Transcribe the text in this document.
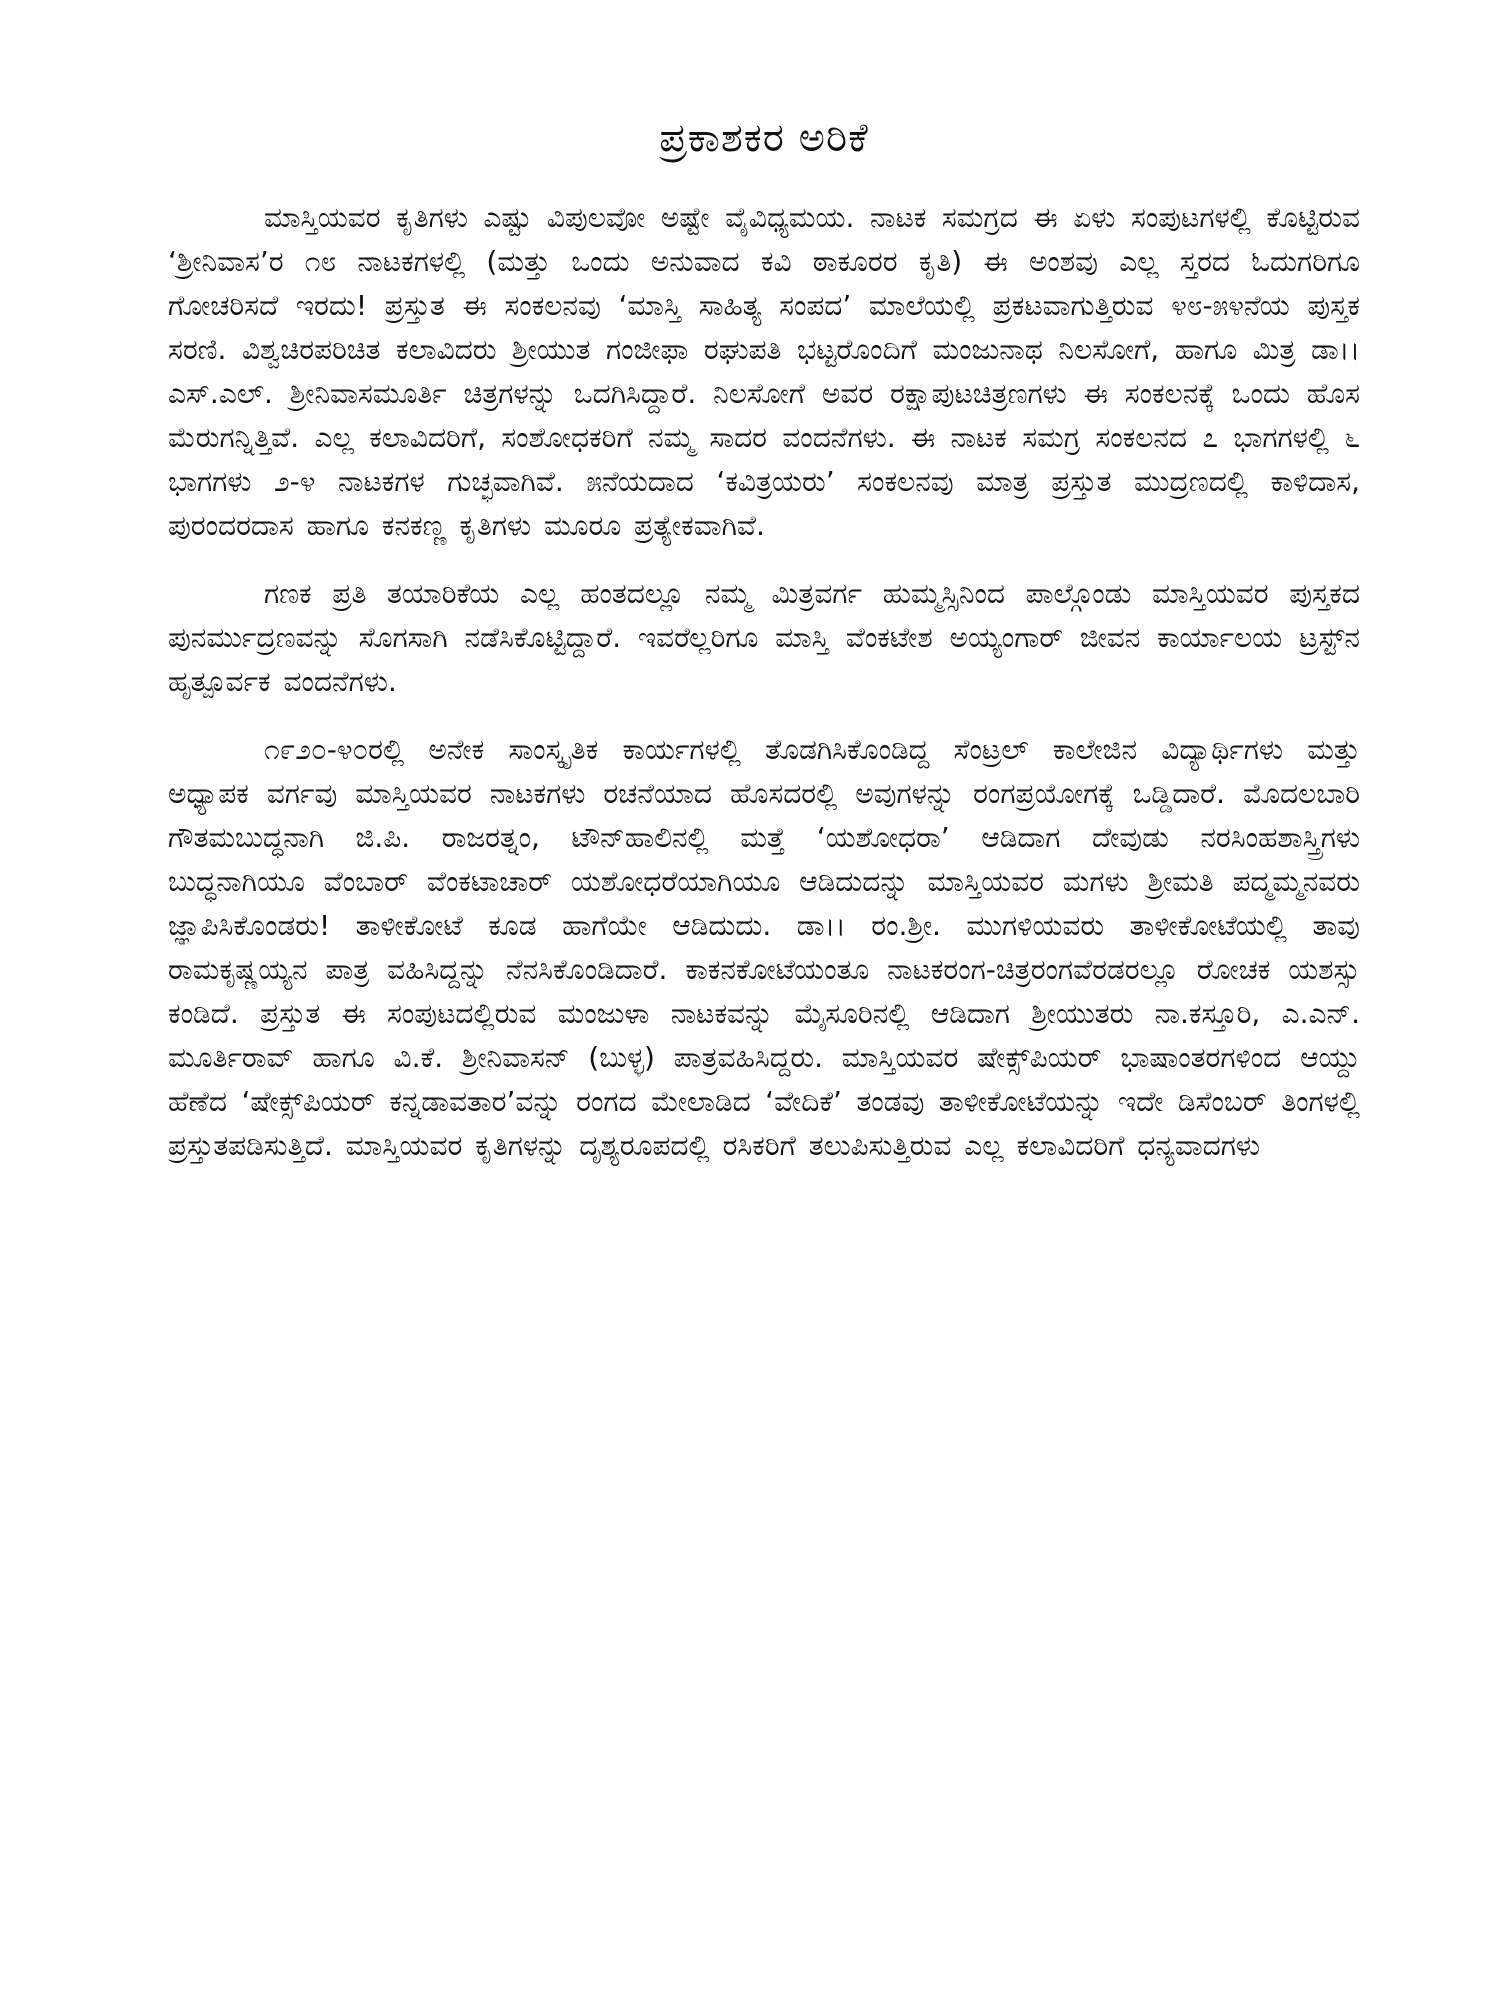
ಪ್ರಕಾಶಕರ ಅರಿಕೆ

ಮಾಸ್ತಿಯವರ ಕೃತಿಗಳು ಎಷ್ಟು ವಿಪುಲವೋ ಅಷ್ಟೇ ವೈವಿಧ್ಯಮಯ. ನಾಟಕ ಸಮಗ್ರದ ಈ ಏಳು ಸಂಪುಟಗಳಲ್ಲಿ ಕೊಟ್ಟಿರುವ ‘ಶ್ರೀನಿವಾಸ’ರ ೧೮ ನಾಟಕಗಳಲ್ಲಿ (ಮತ್ತು ಒಂದು ಅನುವಾದ ಕವಿ ಠಾಕೂರರ ಕೃತಿ) ಈ ಅಂಶವು ಎಲ್ಲ ಸ್ತರದ ಓದುಗರಿಗೂ ಗೋಚರಿಸದೆ ಇರದು! ಪ್ರಸ್ತುತ ಈ ಸಂಕಲನವು ‘ಮಾಸ್ತಿ ಸಾಹಿತ್ಯ ಸಂಪದ’ ಮಾಲೆಯಲ್ಲಿ ಪ್ರಕಟವಾಗುತ್ತಿರುವ ೪೮-೫೪ನೆಯ ಪುಸ್ತಕ ಸರಣಿ. ವಿಶ್ವಚಿರಪರಿಚಿತ ಕಲಾವಿದರು ಶ್ರೀಯುತ ಗಂಜೀಫಾ ರಘುಪತಿ ಭಟ್ಟರೊಂದಿಗೆ ಮಂಜುನಾಥ ನಿಲಸೋಗೆ, ಹಾಗೂ ಮಿತ್ರ ಡಾ।। ಎಸ್.ಎಲ್. ಶ್ರೀನಿವಾಸಮೂರ್ತಿ ಚಿತ್ರಗಳನ್ನು ಒದಗಿಸಿದ್ದಾರೆ. ನಿಲಸೋಗೆ ಅವರ ರಕ್ಷಾಪುಟಚಿತ್ರಣಗಳು ಈ ಸಂಕಲನಕ್ಕೆ ಒಂದು ಹೊಸ ಮೆರುಗನ್ನಿತ್ತಿವೆ. ಎಲ್ಲ ಕಲಾವಿದರಿಗೆ, ಸಂಶೋಧಕರಿಗೆ ನಮ್ಮ ಸಾದರ ವಂದನೆಗಳು. ಈ ನಾಟಕ ಸಮಗ್ರ ಸಂಕಲನದ ೭ ಭಾಗಗಳಲ್ಲಿ ೬ ಭಾಗಗಳು ೨-೪ ನಾಟಕಗಳ ಗುಚ್ಛವಾಗಿವೆ. ೫ನೆಯದಾದ ‘ಕವಿತ್ರಯರು’ ಸಂಕಲನವು ಮಾತ್ರ ಪ್ರಸ್ತುತ ಮುದ್ರಣದಲ್ಲಿ ಕಾಳಿದಾಸ, ಪುರಂದರದಾಸ ಹಾಗೂ ಕನಕಣ್ಣ ಕೃತಿಗಳು ಮೂರೂ ಪ್ರತ್ಯೇಕವಾಗಿವೆ.

ಗಣಕ ಪ್ರತಿ ತಯಾರಿಕೆಯ ಎಲ್ಲ ಹಂತದಲ್ಲೂ ನಮ್ಮ ಮಿತ್ರವರ್ಗ ಹುಮ್ಮಸ್ಸಿನಿಂದ ಪಾಲ್ಗೊಂಡು ಮಾಸ್ತಿಯವರ ಪುಸ್ತಕದ ಪುನರ್ಮುದ್ರಣವನ್ನು ಸೊಗಸಾಗಿ ನಡೆಸಿಕೊಟ್ಟಿದ್ದಾರೆ. ಇವರೆಲ್ಲರಿಗೂ ಮಾಸ್ತಿ ವೆಂಕಟೇಶ ಅಯ್ಯಂಗಾರ್ ಜೀವನ ಕಾರ್ಯಾಲಯ ಟ್ರಸ್ಟ್‌ನ ಹೃತ್ಪೂರ್ವಕ ವಂದನೆಗಳು.

೧೯೨೦-೪೦ರಲ್ಲಿ ಅನೇಕ ಸಾಂಸ್ಕೃತಿಕ ಕಾರ್ಯಗಳಲ್ಲಿ ತೊಡಗಿಸಿಕೊಂಡಿದ್ದ ಸೆಂಟ್ರಲ್ ಕಾಲೇಜಿನ ವಿದ್ಯಾರ್ಥಿಗಳು ಮತ್ತು ಅಧ್ಯಾಪಕ ವರ್ಗವು ಮಾಸ್ತಿಯವರ ನಾಟಕಗಳು ರಚನೆಯಾದ ಹೊಸದರಲ್ಲಿ ಅವುಗಳನ್ನು ರಂಗಪ್ರಯೋಗಕ್ಕೆ ಒಡ್ಡಿದಾರೆ. ಮೊದಲಬಾರಿ ಗೌತಮಬುದ್ಧನಾಗಿ ಜಿ.ಪಿ. ರಾಜರತ್ನಂ, ಟೌನ್‌ಹಾಲಿನಲ್ಲಿ ಮತ್ತೆ ‘ಯಶೋಧರಾ’ ಆಡಿದಾಗ ದೇವುಡು ನರಸಿಂಹಶಾಸ್ತ್ರಿಗಳು ಬುದ್ಧನಾಗಿಯೂ ವೆಂಬಾರ್ ವೆಂಕಟಾಚಾರ್ ಯಶೋಧರೆಯಾಗಿಯೂ ಆಡಿದುದನ್ನು ಮಾಸ್ತಿಯವರ ಮಗಳು ಶ್ರೀಮತಿ ಪದ್ಮಮ್ಮನವರು ಜ್ಞಾಪಿಸಿಕೊಂಡರು! ತಾಳೀಕೋಟೆ ಕೂಡ ಹಾಗೆಯೇ ಆಡಿದುದು. ಡಾ।। ರಂ.ಶ್ರೀ. ಮುಗಳಿಯವರು ತಾಳೀಕೋಟೆಯಲ್ಲಿ ತಾವು ರಾಮಕೃಷ್ಣಯ್ಯನ ಪಾತ್ರ ವಹಿಸಿದ್ದನ್ನು ನೆನಸಿಕೊಂಡಿದಾರೆ. ಕಾಕನಕೋಟೆಯಂತೂ ನಾಟಕರಂಗ-ಚಿತ್ರರಂಗವೆರಡರಲ್ಲೂ ರೋಚಕ ಯಶಸ್ಸು ಕಂಡಿದೆ. ಪ್ರಸ್ತುತ ಈ ಸಂಪುಟದಲ್ಲಿರುವ ಮಂಜುಳಾ ನಾಟಕವನ್ನು ಮೈಸೂರಿನಲ್ಲಿ ಆಡಿದಾಗ ಶ್ರೀಯುತರು ನಾ.ಕಸ್ತೂರಿ, ಎ.ಎನ್. ಮೂರ್ತಿರಾವ್ ಹಾಗೂ ವಿ.ಕೆ. ಶ್ರೀನಿವಾಸನ್ (ಬುಳ್ಳ) ಪಾತ್ರವಹಿಸಿದ್ದರು. ಮಾಸ್ತಿಯವರ ಷೇಕ್ಸ್‌ಪಿಯರ್ ಭಾಷಾಂತರಗಳಿಂದ ಆಯ್ದು ಹೆಣೆದ ‘ಷೇಕ್ಸ್‌ಪಿಯರ್ ಕನ್ನಡಾವತಾರ’ವನ್ನು ರಂಗದ ಮೇಲಾಡಿದ ‘ವೇದಿಕೆ’ ತಂಡವು ತಾಳೀಕೋಟೆಯನ್ನು ಇದೇ ಡಿಸೆಂಬರ್ ತಿಂಗಳಲ್ಲಿ ಪ್ರಸ್ತುತಪಡಿಸುತ್ತಿದೆ. ಮಾಸ್ತಿಯವರ ಕೃತಿಗಳನ್ನು ದೃಶ್ಯರೂಪದಲ್ಲಿ ರಸಿಕರಿಗೆ ತಲುಪಿಸುತ್ತಿರುವ ಎಲ್ಲ ಕಲಾವಿದರಿಗೆ ಧನ್ಯವಾದಗಳು
